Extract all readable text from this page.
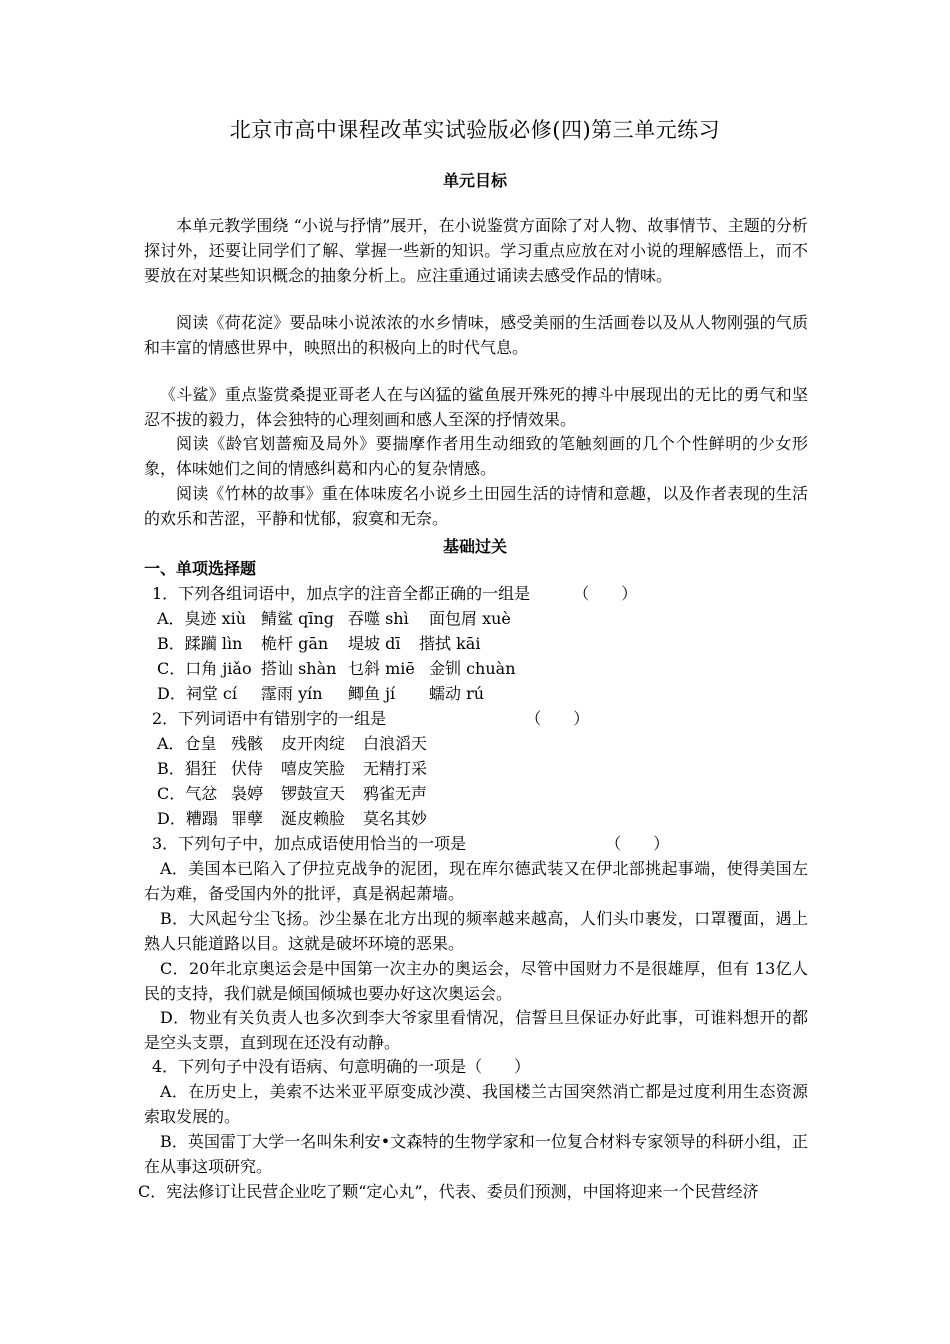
北京市高中课程改革实试验版必修(四)第三单元练习
单元目标
本单元教学围绕 “小说与抒情”展开，在小说鉴赏方面除了对人物、故事情节、主题的分析探讨外，还要让同学们了解、掌握一些新的知识。学习重点应放在对小说的理解感悟上，而不要放在对某些知识概念的抽象分析上。应注重通过诵读去感受作品的情味。
阅读《荷花淀》要品味小说浓浓的水乡情味，感受美丽的生活画卷以及从人物刚强的气质和丰富的情感世界中，映照出的积极向上的时代气息。
《斗鲨》重点鉴赏桑提亚哥老人在与凶猛的鲨鱼展开殊死的搏斗中展现出的无比的勇气和坚忍不拔的毅力，体会独特的心理刻画和感人至深的抒情效果。
阅读《龄官划蔷痴及局外》要揣摩作者用生动细致的笔触刻画的几个个性鲜明的少女形象，体味她们之间的情感纠葛和内心的复杂情感。
阅读《竹林的故事》重在体味废名小说乡土田园生活的诗情和意趣，以及作者表现的生活的欢乐和苦涩，平静和忧郁，寂寞和无奈。
基础过关
一、单项选择题
1．下列各组词语中，加点字的注音全都正确的一组是	（　　）
A．臭迹 xiù 鲭鲨 qīng 吞噬 shì 面包屑 xuè
B．蹂躏 lìn 桅杆 gān 堤坡 dī 揩拭 kāi
C．口角 jiǎo 搭讪 shàn 乜斜 miē 金钏 chuàn
D．祠堂 cí 霪雨 yín 鲫鱼 jí 蠕动 rú
2．下列词语中有错别字的一组是	（　　）
A．仓皇 残骸 皮开肉绽 白浪滔天
B．猖狂 伏侍 嘻皮笑脸 无精打采
C．气忿 袅婷 锣鼓宣天 鸦雀无声
D．糟蹋 罪孽 涎皮赖脸 莫名其妙
3．下列句子中，加点成语使用恰当的一项是	（　　）
A．美国本已陷入了伊拉克战争的泥团，现在库尔德武装又在伊北部挑起事端，使得美国左右为难，备受国内外的批评，真是祸起萧墙。
B．大风起兮尘飞扬。沙尘暴在北方出现的频率越来越高，人们头巾裹发，口罩覆面，遇上熟人只能道路以目。这就是破坏环境的恶果。
C．20年北京奥运会是中国第一次主办的奥运会，尽管中国财力不是很雄厚，但有 13亿人民的支持，我们就是倾国倾城也要办好这次奥运会。
D．物业有关负责人也多次到李大爷家里看情况，信誓旦旦保证办好此事，可谁料想开的都是空头支票，直到现在还没有动静。
4．下列句子中没有语病、句意明确的一项是（　　）
A．在历史上，美索不达米亚平原变成沙漠、我国楼兰古国突然消亡都是过度利用生态资源索取发展的。
B．英国雷丁大学一名叫朱利安•文森特的生物学家和一位复合材料专家领导的科研小组，正在从事这项研究。
C．宪法修订让民营企业吃了颗“定心丸”，代表、委员们预测，中国将迎来一个民营经济
